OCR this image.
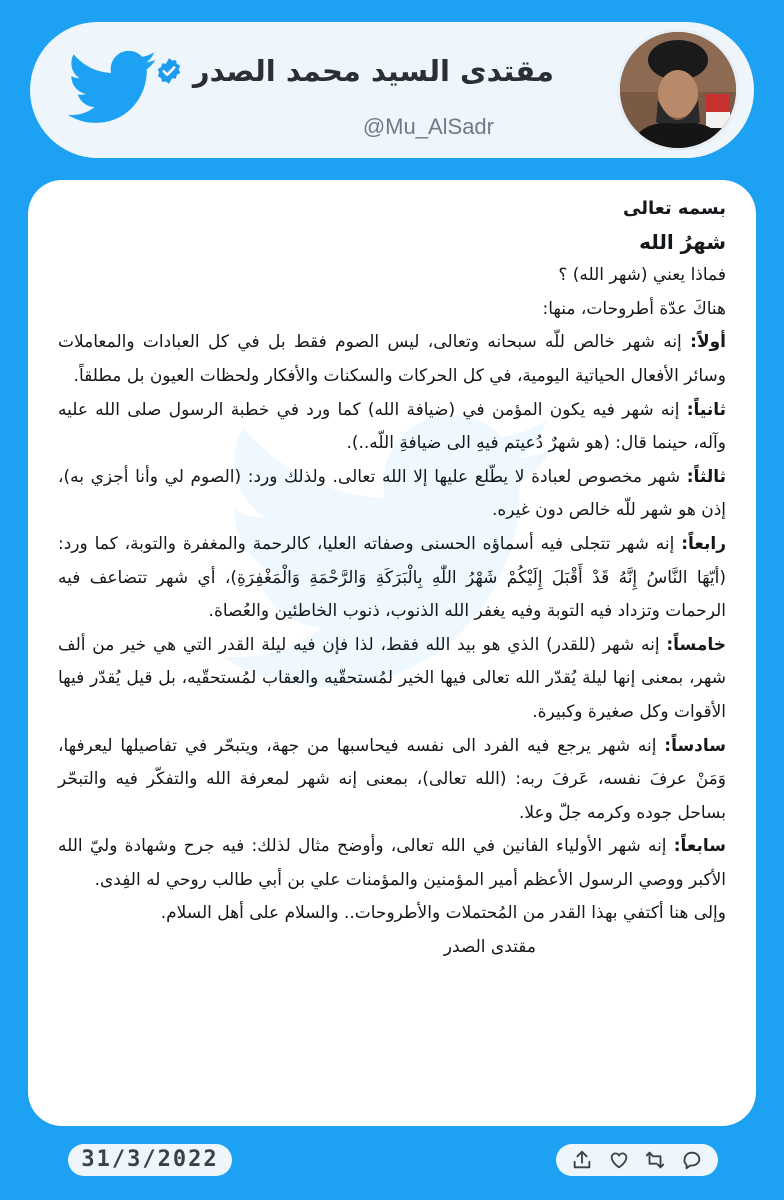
مقتدى السيد محمد الصدر
@Mu_AlSadr

بسمه تعالى

شهرُ الله

فماذا يعني (شهر الله) ؟

هناكَ عدّة أطروحات، منها:

أولاً: إنه شهر خالص للّه سبحانه وتعالى، ليس الصوم فقط بل في كل العبادات والمعاملات وسائر الأفعال الحياتية اليومية، في كل الحركات والسكنات والأفكار ولحظات العيون بل مطلقاً.

ثانياً: إنه شهر فيه يكون المؤمن في (ضيافة الله) كما ورد في خطبة الرسول صلى الله عليه وآله، حينما قال: (هو شهرٌ دُعيتم فيهِ الى ضيافةِ اللّه..).

ثالثاً: شهر مخصوص لعبادة لا يطّلع عليها إلا الله تعالى. ولذلك ورد: (الصوم لي وأنا أجزي به)، إذن هو شهر للّه خالص دون غيره.

رابعاً: إنه شهر تتجلى فيه أسماؤه الحسنى وصفاته العليا، كالرحمة والمغفرة والتوبة، كما ورد: (أيّهَا النَّاسُ إِنَّهُ قَدْ أَقْبَلَ إِلَيْكُمْ شَهْرُ اللّٰهِ بِالْبَرَكَةِ وَالرَّحْمَةِ وَالْمَغْفِرَةِ)، أي شهر تتضاعف فيه الرحمات وتزداد فيه التوبة وفيه يغفر الله الذنوب، ذنوب الخاطئين والعُصاة.

خامساً: إنه شهر (للقدر) الذي هو بيد الله فقط، لذا فإن فيه ليلة القدر التي هي خير من ألف شهر، بمعنى إنها ليلة يُقدّر الله تعالى فيها الخير لمُستحقّيه والعقاب لمُستحقّيه، بل قيل يُقدّر فيها الأقوات وكل صغيرة وكبيرة.

سادساً: إنه شهر يرجع فيه الفرد الى نفسه فيحاسبها من جهة، ويتبحّر في تفاصيلها ليعرفها، وَمَنْ عرفَ نفسه، عَرفَ ربه: (الله تعالى)، بمعنى إنه شهر لمعرفة الله والتفكّر فيه والتبحّر بساحل جوده وكرمه جلّ وعلا.

سابعاً: إنه شهر الأولياء الفانين في الله تعالى، وأوضح مثال لذلك: فيه جرح وشهادة وليّ الله الأكبر ووصي الرسول الأعظم أمير المؤمنين والمؤمنات علي بن أبي طالب روحي له الفِدى.

وإلى هنا أكتفي بهذا القدر من المُحتملات والأطروحات.. والسلام على أهل السلام.

مقتدى الصدر

31/3/2022
